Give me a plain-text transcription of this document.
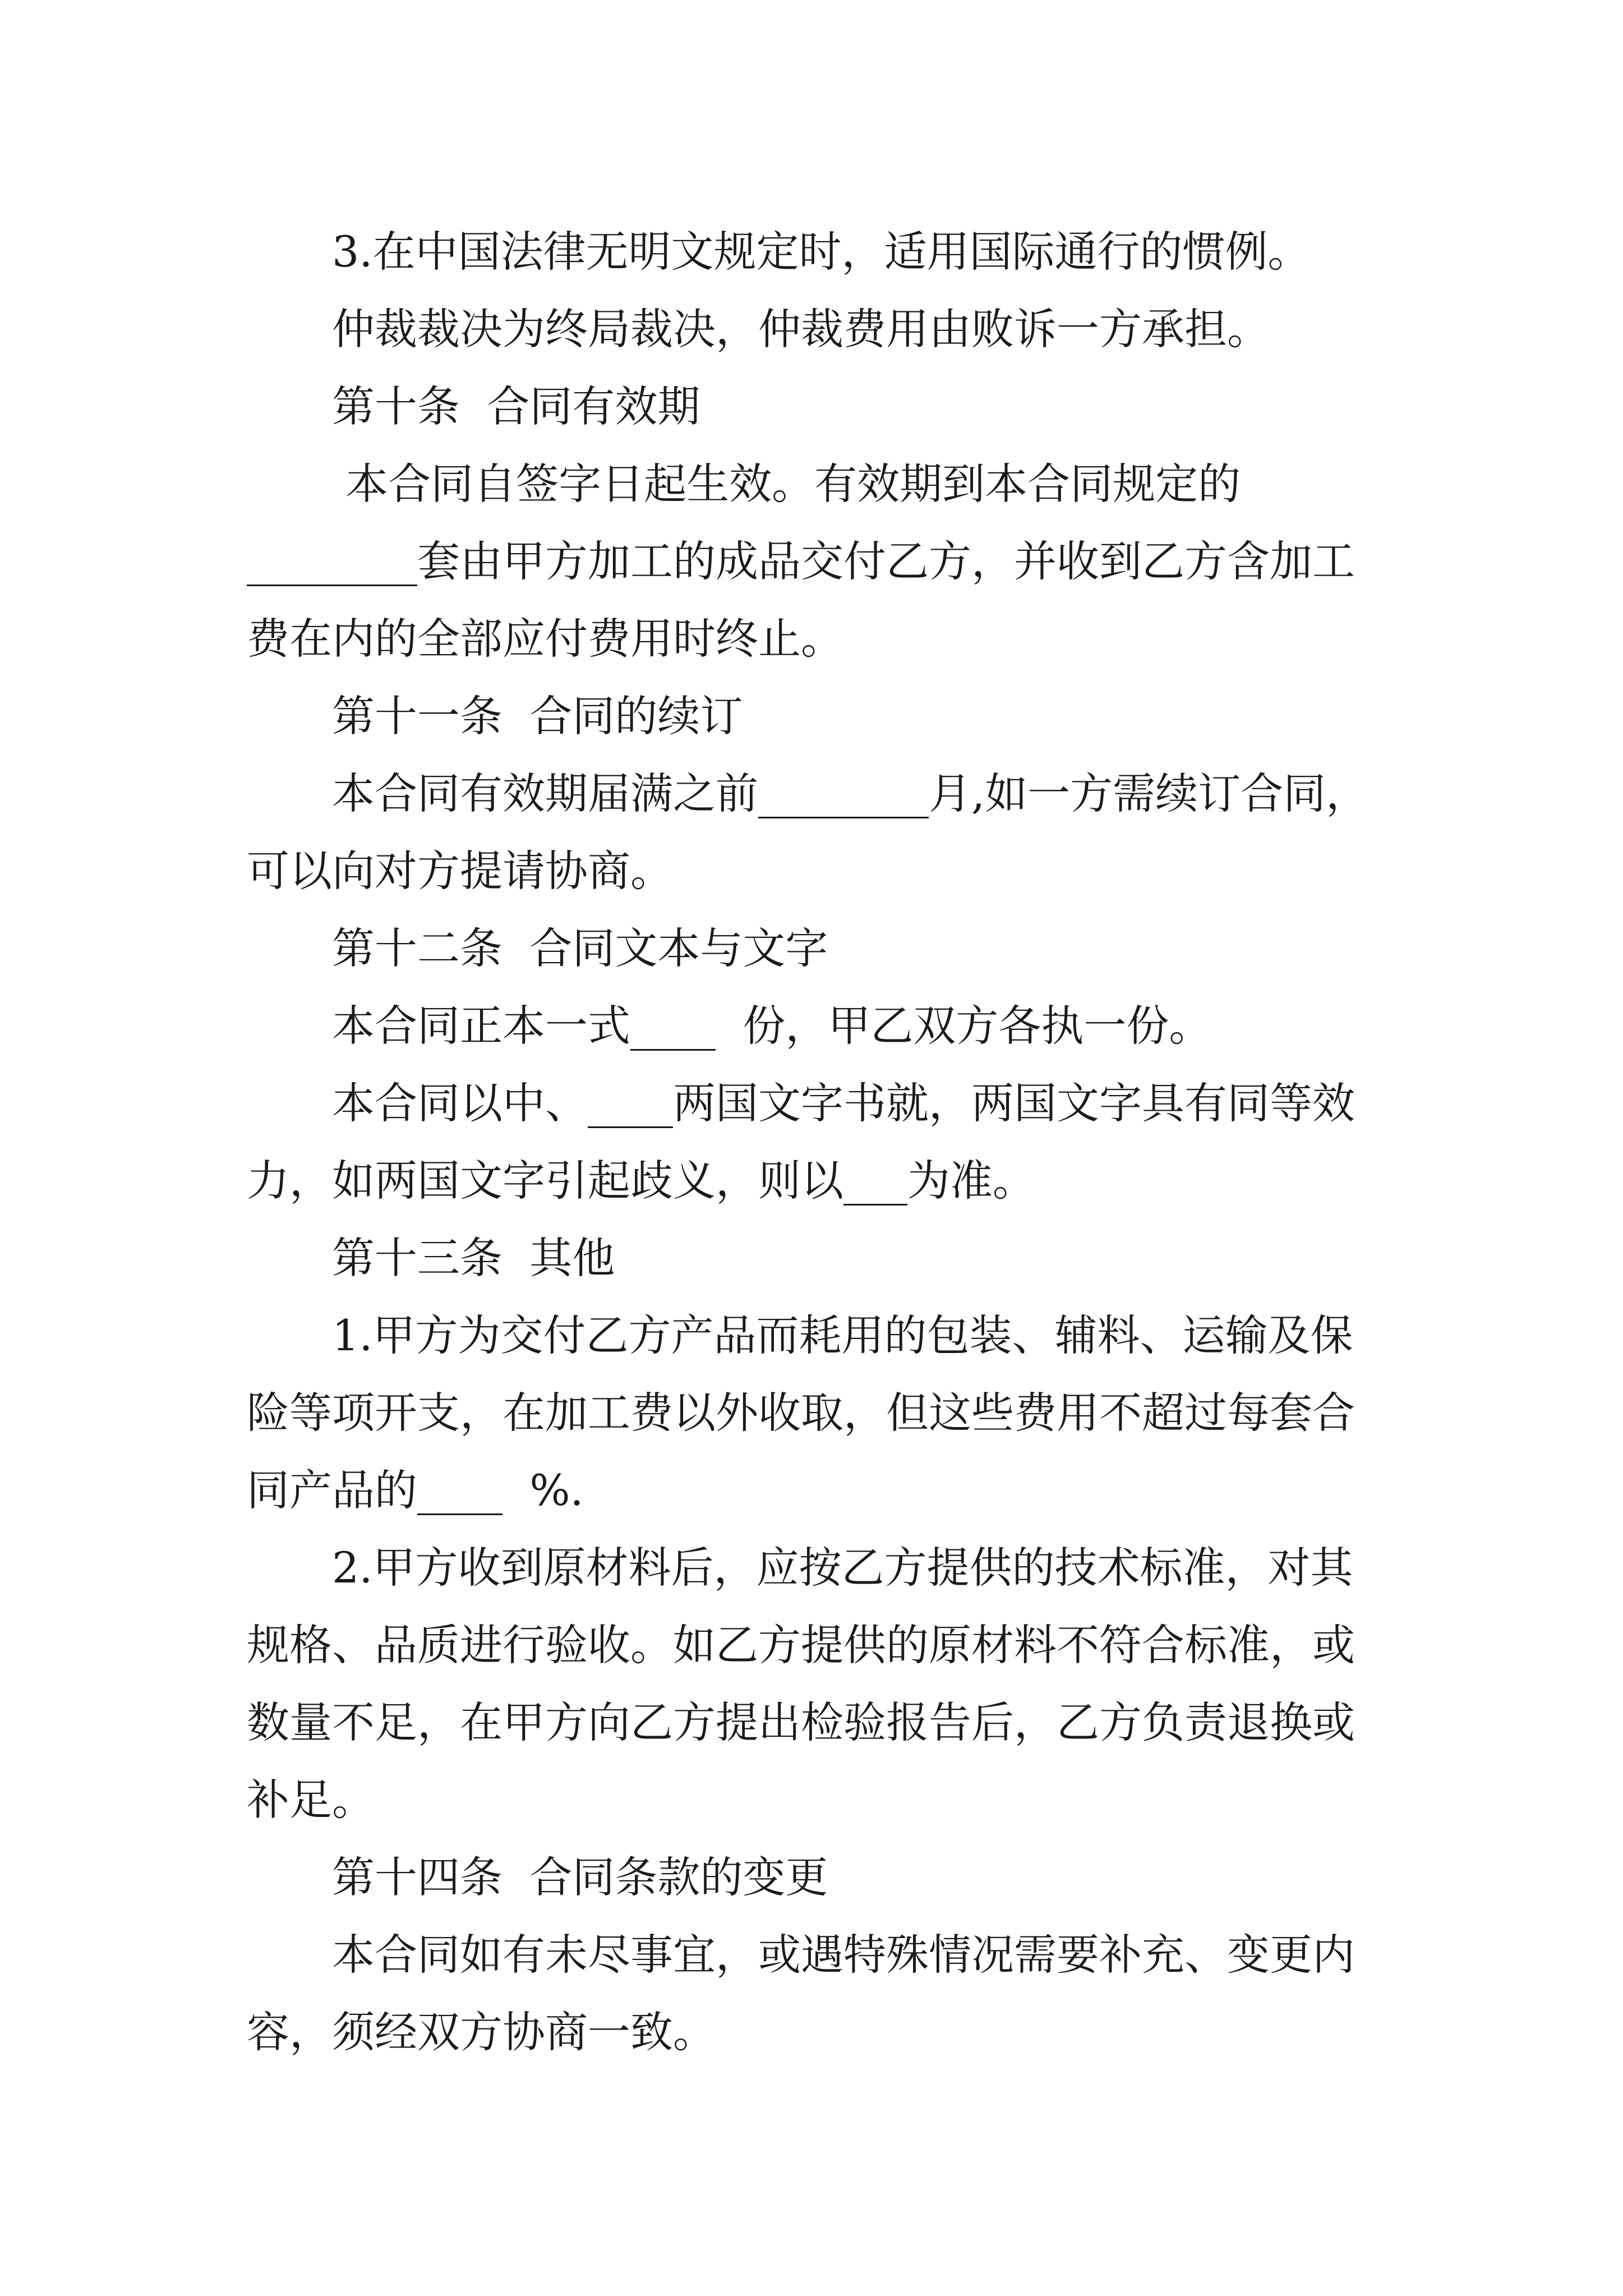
3.在中国法律无明文规定时，适用国际通行的惯例。
仲裁裁决为终局裁决，仲裁费用由败诉一方承担。
第十条  合同有效期
本合同自签字日起生效。有效期到本合同规定的
________套由甲方加工的成品交付乙方，并收到乙方含加工
费在内的全部应付费用时终止。
第十一条  合同的续订
本合同有效期届满之前________月,如一方需续订合同，
可以向对方提请协商。
第十二条  合同文本与文字
本合同正本一式____  份，甲乙双方各执一份。
本合同以中、____两国文字书就，两国文字具有同等效
力，如两国文字引起歧义，则以___为准。
第十三条  其他
1.甲方为交付乙方产品而耗用的包装、辅料、运输及保
险等项开支，在加工费以外收取，但这些费用不超过每套合
同产品的____  %.
2.甲方收到原材料后，应按乙方提供的技术标准，对其
规格、品质进行验收。如乙方提供的原材料不符合标准，或
数量不足，在甲方向乙方提出检验报告后，乙方负责退换或
补足。
第十四条  合同条款的变更
本合同如有未尽事宜，或遇特殊情况需要补充、变更内
容，须经双方协商一致。
